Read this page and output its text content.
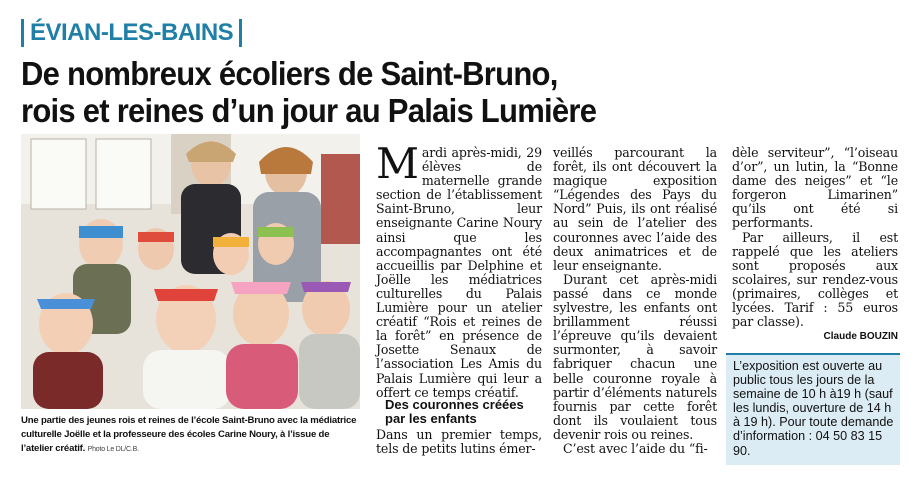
ÉVIAN-LES-BAINS
De nombreux écoliers de Saint-Bruno,
rois et reines d’un jour au Palais Lumière
Une partie des jeunes rois et reines de l’école Saint-Bruno avec la médiatrice culturelle Joëlle et la professeure des écoles Carine Noury, à l’issue de l’atelier créatif. Photo Le DL/C.B.

M ardi après-midi, 29 élèves de maternelle grande section de l’établissement Saint-Bruno, leur enseignante Carine Noury ainsi que les accompagnantes ont été accueillis par Delphine et Joëlle les médiatrices culturelles du Palais Lumière pour un atelier créatif “Rois et reines de la forêt” en présence de Josette Senaux de l’association Les Amis du Palais Lumière qui leur a offert ce temps créatif.

Des couronnes créées par les enfants

Dans un premier temps, tels de petits lutins émer-

veillés parcourant la forêt, ils ont découvert la magique exposition “Légendes des Pays du Nord” Puis, ils ont réalisé au sein de l’atelier des couronnes avec l’aide des deux animatrices et de leur enseignante.

Durant cet après-midi passé dans ce monde sylvestre, les enfants ont brillamment réussi l’épreuve qu’ils devaient surmonter, à savoir fabriquer chacun une belle couronne royale à partir d’éléments naturels fournis par cette forêt dont ils voulaient tous devenir rois ou reines.

C’est avec l’aide du “fi-

dèle serviteur”, “l’oiseau d’or”, un lutin, la “Bonne dame des neiges” et “le forgeron Limarinen” qu’ils ont été si performants.

Par ailleurs, il est rappelé que les ateliers sont proposés aux scolaires, sur rendez-vous (primaires, collèges et lycées. Tarif : 55 euros par classe).

Claude BOUZIN
L’exposition est ouverte au public tous les jours de la semaine de 10 h à19 h (sauf les lundis, ouverture de 14 h à 19 h). Pour toute demande d’information : 04 50 83 15 90.
